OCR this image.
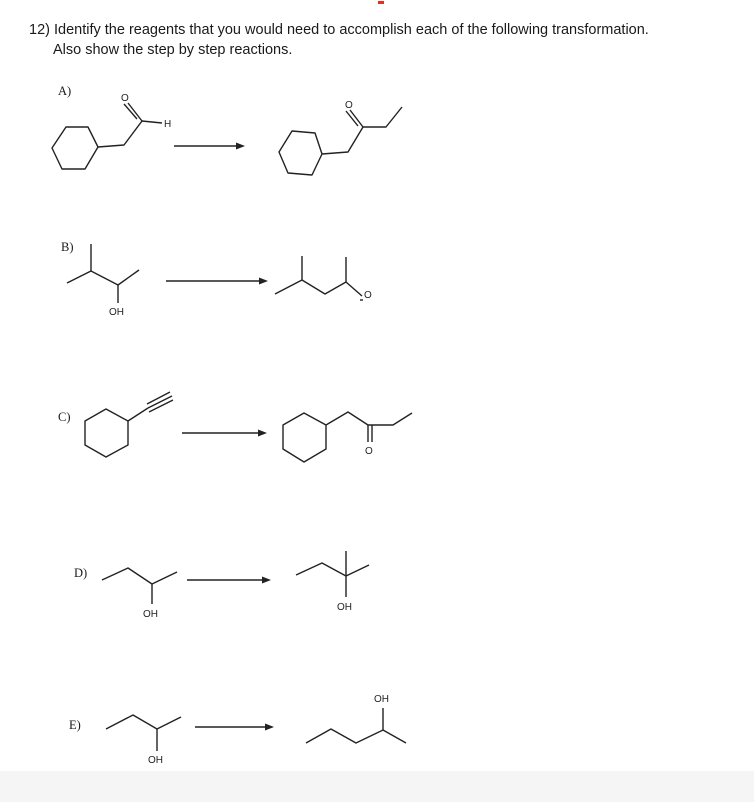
12) Identify the reagents that you would need to accomplish each of the following transformation.
Also show the step by step reactions.
A)
B)
C)
D)
E)
O
H
O
OH
O
O
OH
OH
OH
OH
